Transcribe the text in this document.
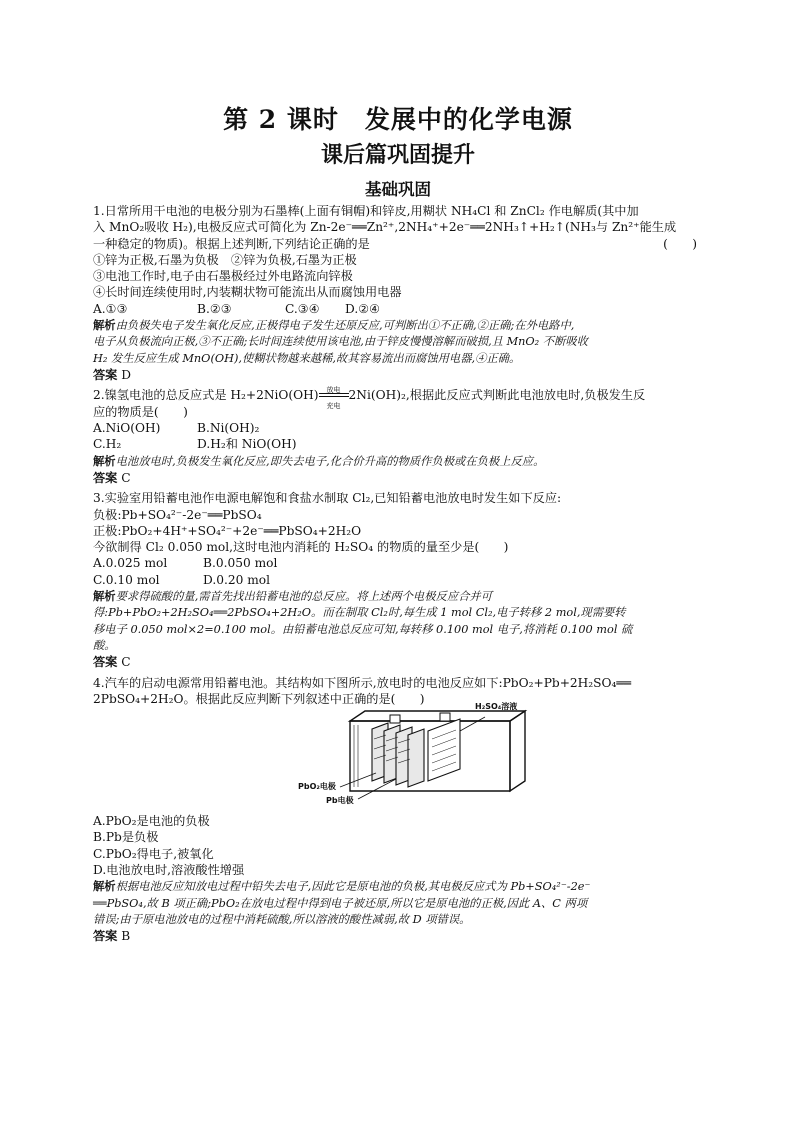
第 2 课时　发展中的化学电源
课后篇巩固提升
基础巩固
1.日常所用干电池的电极分别为石墨棒(上面有铜帽)和锌皮,用糊状 NH₄Cl 和 ZnCl₂ 作电解质(其中加
入 MnO₂吸收 H₂),电极反应式可简化为 Zn-2e⁻══Zn²⁺,2NH₄⁺+2e⁻══2NH₃↑+H₂↑(NH₃与 Zn²⁺能生成
一种稳定的物质)。根据上述判断,下列结论正确的是	(　　)
①锌为正极,石墨为负极　②锌为负极,石墨为正极
③电池工作时,电子由石墨极经过外电路流向锌极
④长时间连续使用时,内装糊状物可能流出从而腐蚀用电器
A.①③	B.②③	C.③④	D.②④
解析由负极失电子发生氧化反应,正极得电子发生还原反应,可判断出①不正确,②正确;在外电路中,
电子从负极流向正极,③不正确;长时间连续使用该电池,由于锌皮慢慢溶解而破损,且 MnO₂ 不断吸收
H₂ 发生反应生成 MnO(OH),使糊状物越来越稀,故其容易流出而腐蚀用电器,④正确。
答案 D
2.镍氢电池的总反应式是 H₂+2NiO(OH)	放电
充电
2Ni(OH)₂,根据此反应式判断此电池放电时,负极发生反
应的物质是(　　)
A.NiO(OH)	B.Ni(OH)₂
C.H₂	D.H₂和 NiO(OH)
解析电池放电时,负极发生氧化反应,即失去电子,化合价升高的物质作负极或在负极上反应。
答案 C
3.实验室用铅蓄电池作电源电解饱和食盐水制取 Cl₂,已知铅蓄电池放电时发生如下反应:
负极:Pb+SO₄²⁻-2e⁻══PbSO₄
正极:PbO₂+4H⁺+SO₄²⁻+2e⁻══PbSO₄+2H₂O
今欲制得 Cl₂ 0.050 mol,这时电池内消耗的 H₂SO₄ 的物质的量至少是(　　)
A.0.025 mol	B.0.050 mol
C.0.10 mol	D.0.20 mol
解析要求得硫酸的量,需首先找出铅蓄电池的总反应。将上述两个电极反应合并可
得:Pb+PbO₂+2H₂SO₄══2PbSO₄+2H₂O。而在制取 Cl₂时,每生成 1 mol Cl₂,电子转移 2 mol,现需要转
移电子 0.050 mol×2=0.100 mol。由铅蓄电池总反应可知,每转移 0.100 mol 电子,将消耗 0.100 mol 硫
酸。
答案 C
4.汽车的启动电源常用铅蓄电池。其结构如下图所示,放电时的电池反应如下:PbO₂+Pb+2H₂SO₄══
2PbSO₄+2H₂O。根据此反应判断下列叙述中正确的是(　　)
H₂SO₄溶液
PbO₂电极
Pb电极
A.PbO₂是电池的负极
B.Pb是负极
C.PbO₂得电子,被氧化
D.电池放电时,溶液酸性增强
解析根据电池反应知放电过程中铅失去电子,因此它是原电池的负极,其电极反应式为 Pb+SO₄²⁻-2e⁻
══PbSO₄,故 B 项正确;PbO₂在放电过程中得到电子被还原,所以它是原电池的正极,因此 A、C 两项
错误;由于原电池放电的过程中消耗硫酸,所以溶液的酸性减弱,故 D 项错误。
答案 B
